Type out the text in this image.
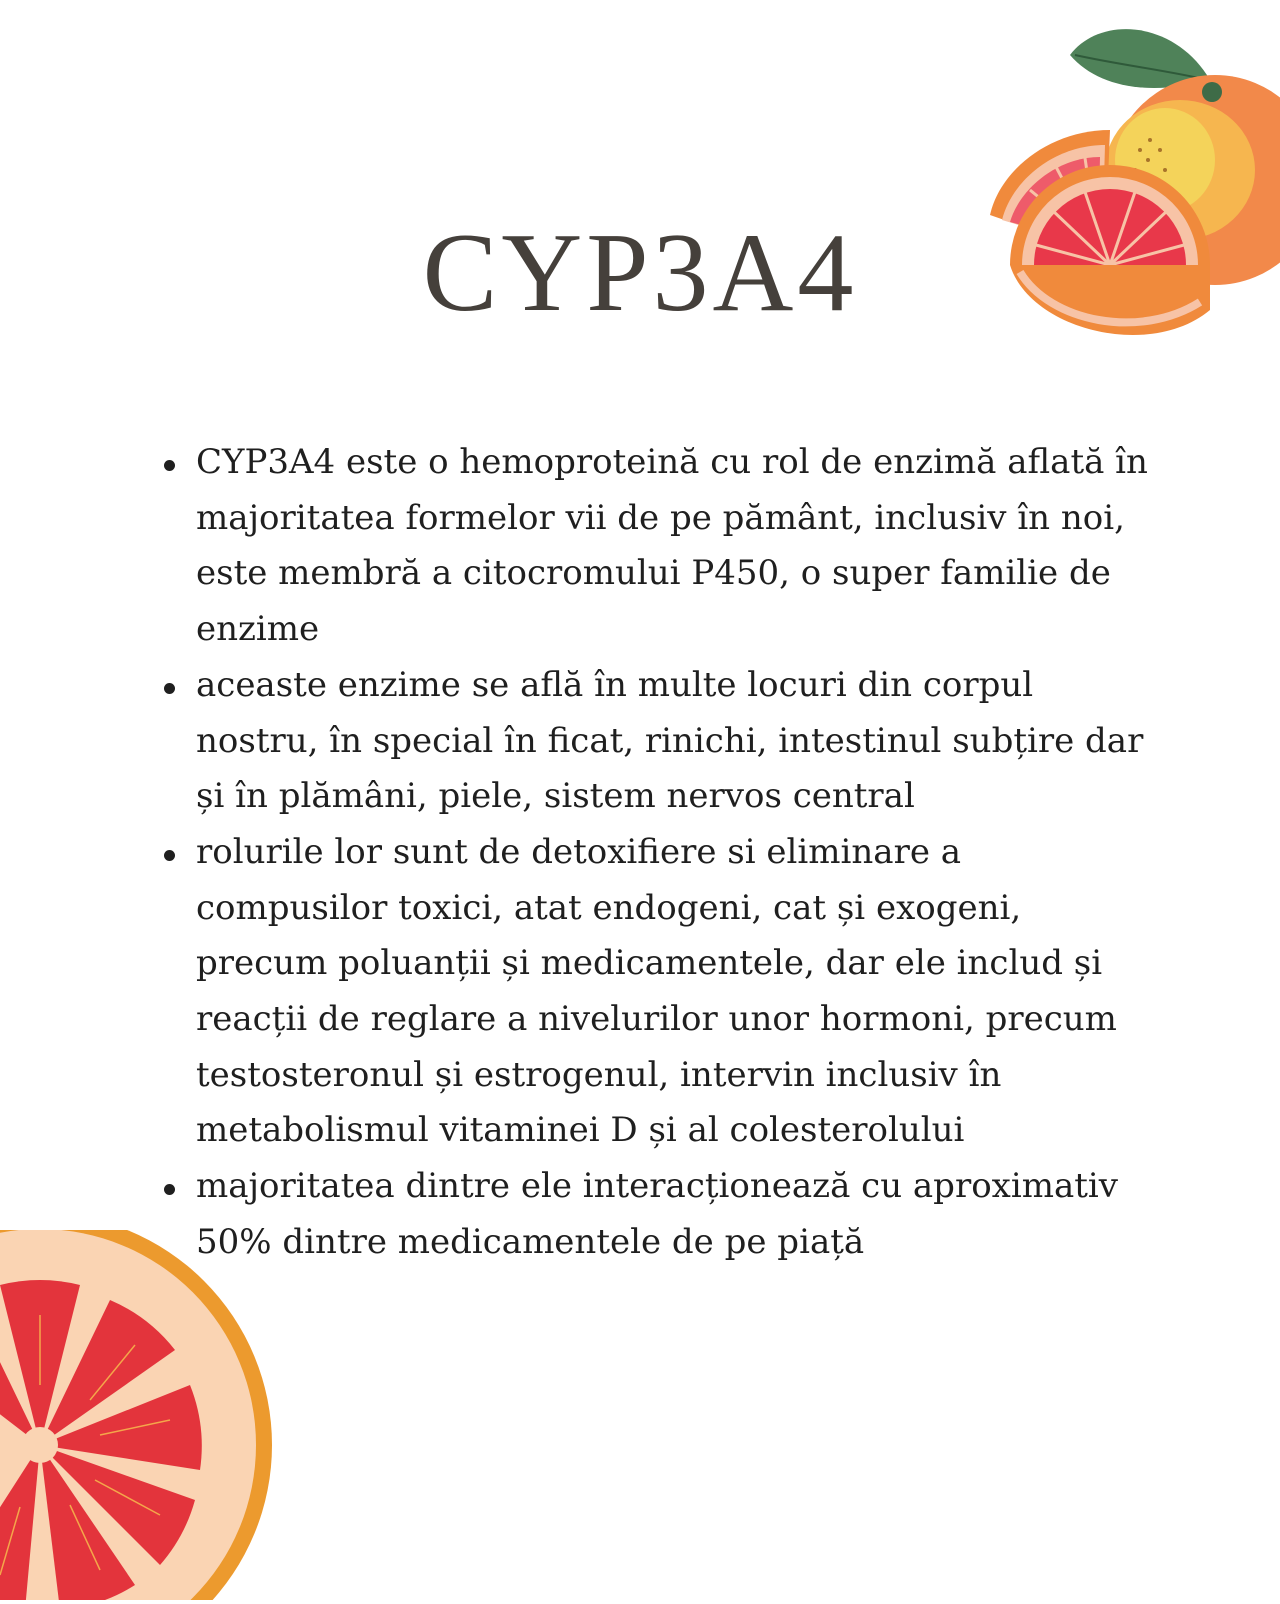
CYP3A4
CYP3A4 este o hemoproteină cu rol de enzimă aflată în majoritatea formelor vii de pe pământ, inclusiv în noi, este membră a citocromului P450, o super familie de enzime
aceaste enzime se află în multe locuri din corpul nostru, în special în ficat, rinichi, intestinul subțire dar și în plămâni, piele, sistem nervos central
rolurile lor sunt de detoxifiere si eliminare a compusilor toxici, atat endogeni, cat și exogeni, precum poluanții și medicamentele, dar ele includ și reacții de reglare a nivelurilor unor hormoni, precum testosteronul și estrogenul, intervin inclusiv în metabolismul vitaminei D și al colesterolului
majoritatea dintre ele interacționează cu aproximativ 50% dintre medicamentele de pe piață
